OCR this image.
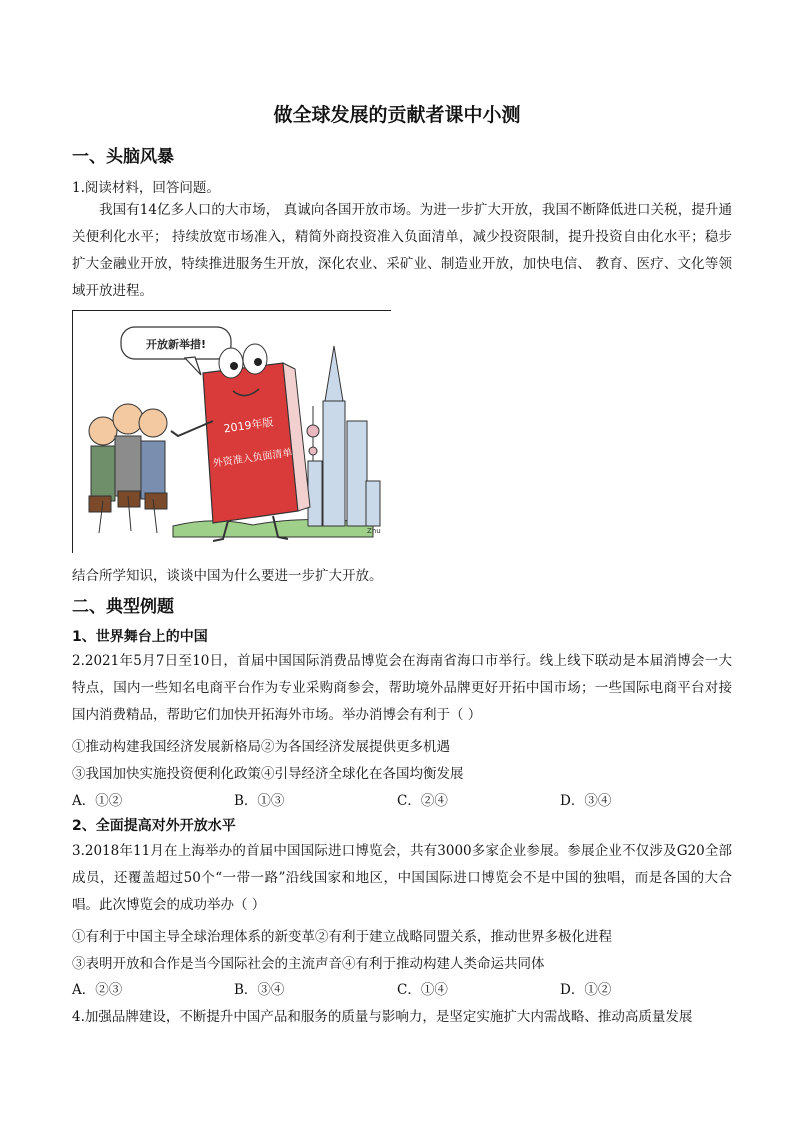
做全球发展的贡献者课中小测
一、头脑风暴
1.阅读材料，回答问题。
我国有14亿多人口的大市场， 真诚向各国开放市场。为进一步扩大开放，我国不断降低进口关税，提升通关便利化水平； 持续放宽市场准入，精简外商投资准入负面清单，减少投资限制，提升投资自由化水平；稳步扩大金融业开放，特续推进服务生开放，深化农业、采矿业、制造业开放，加快电信、 教育、医疗、文化等领域开放进程。
开放新举措!
2019年版
外资准入负面清单
Zhu
结合所学知识，谈谈中国为什么要进一步扩大开放。
二、典型例题
1、世界舞台上的中国
2.2021年5月7日至10日，首届中国国际消费品博览会在海南省海口市举行。线上线下联动是本届消博会一大特点，国内一些知名电商平台作为专业采购商参会，帮助境外品牌更好开拓中国市场；一些国际电商平台对接国内消费精品，帮助它们加快开拓海外市场。举办消博会有利于（ ）
①推动构建我国经济发展新格局②为各国经济发展提供更多机遇
③我国加快实施投资便利化政策④引导经济全球化在各国均衡发展
A．①②	B．①③	C．②④	D．③④
2、全面提高对外开放水平
3.2018年11月在上海举办的首届中国国际进口博览会，共有3000多家企业参展。参展企业不仅涉及G20全部成员，还覆盖超过50个“一带一路”沿线国家和地区，中国国际进口博览会不是中国的独唱，而是各国的大合唱。此次博览会的成功举办（ ）
①有利于中国主导全球治理体系的新变革②有利于建立战略同盟关系，推动世界多极化进程
③表明开放和合作是当今国际社会的主流声音④有利于推动构建人类命运共同体
A．②③	B．③④	C．①④	D．①②
4.加强品牌建设，不断提升中国产品和服务的质量与影响力，是坚定实施扩大内需战略、推动高质量发展
